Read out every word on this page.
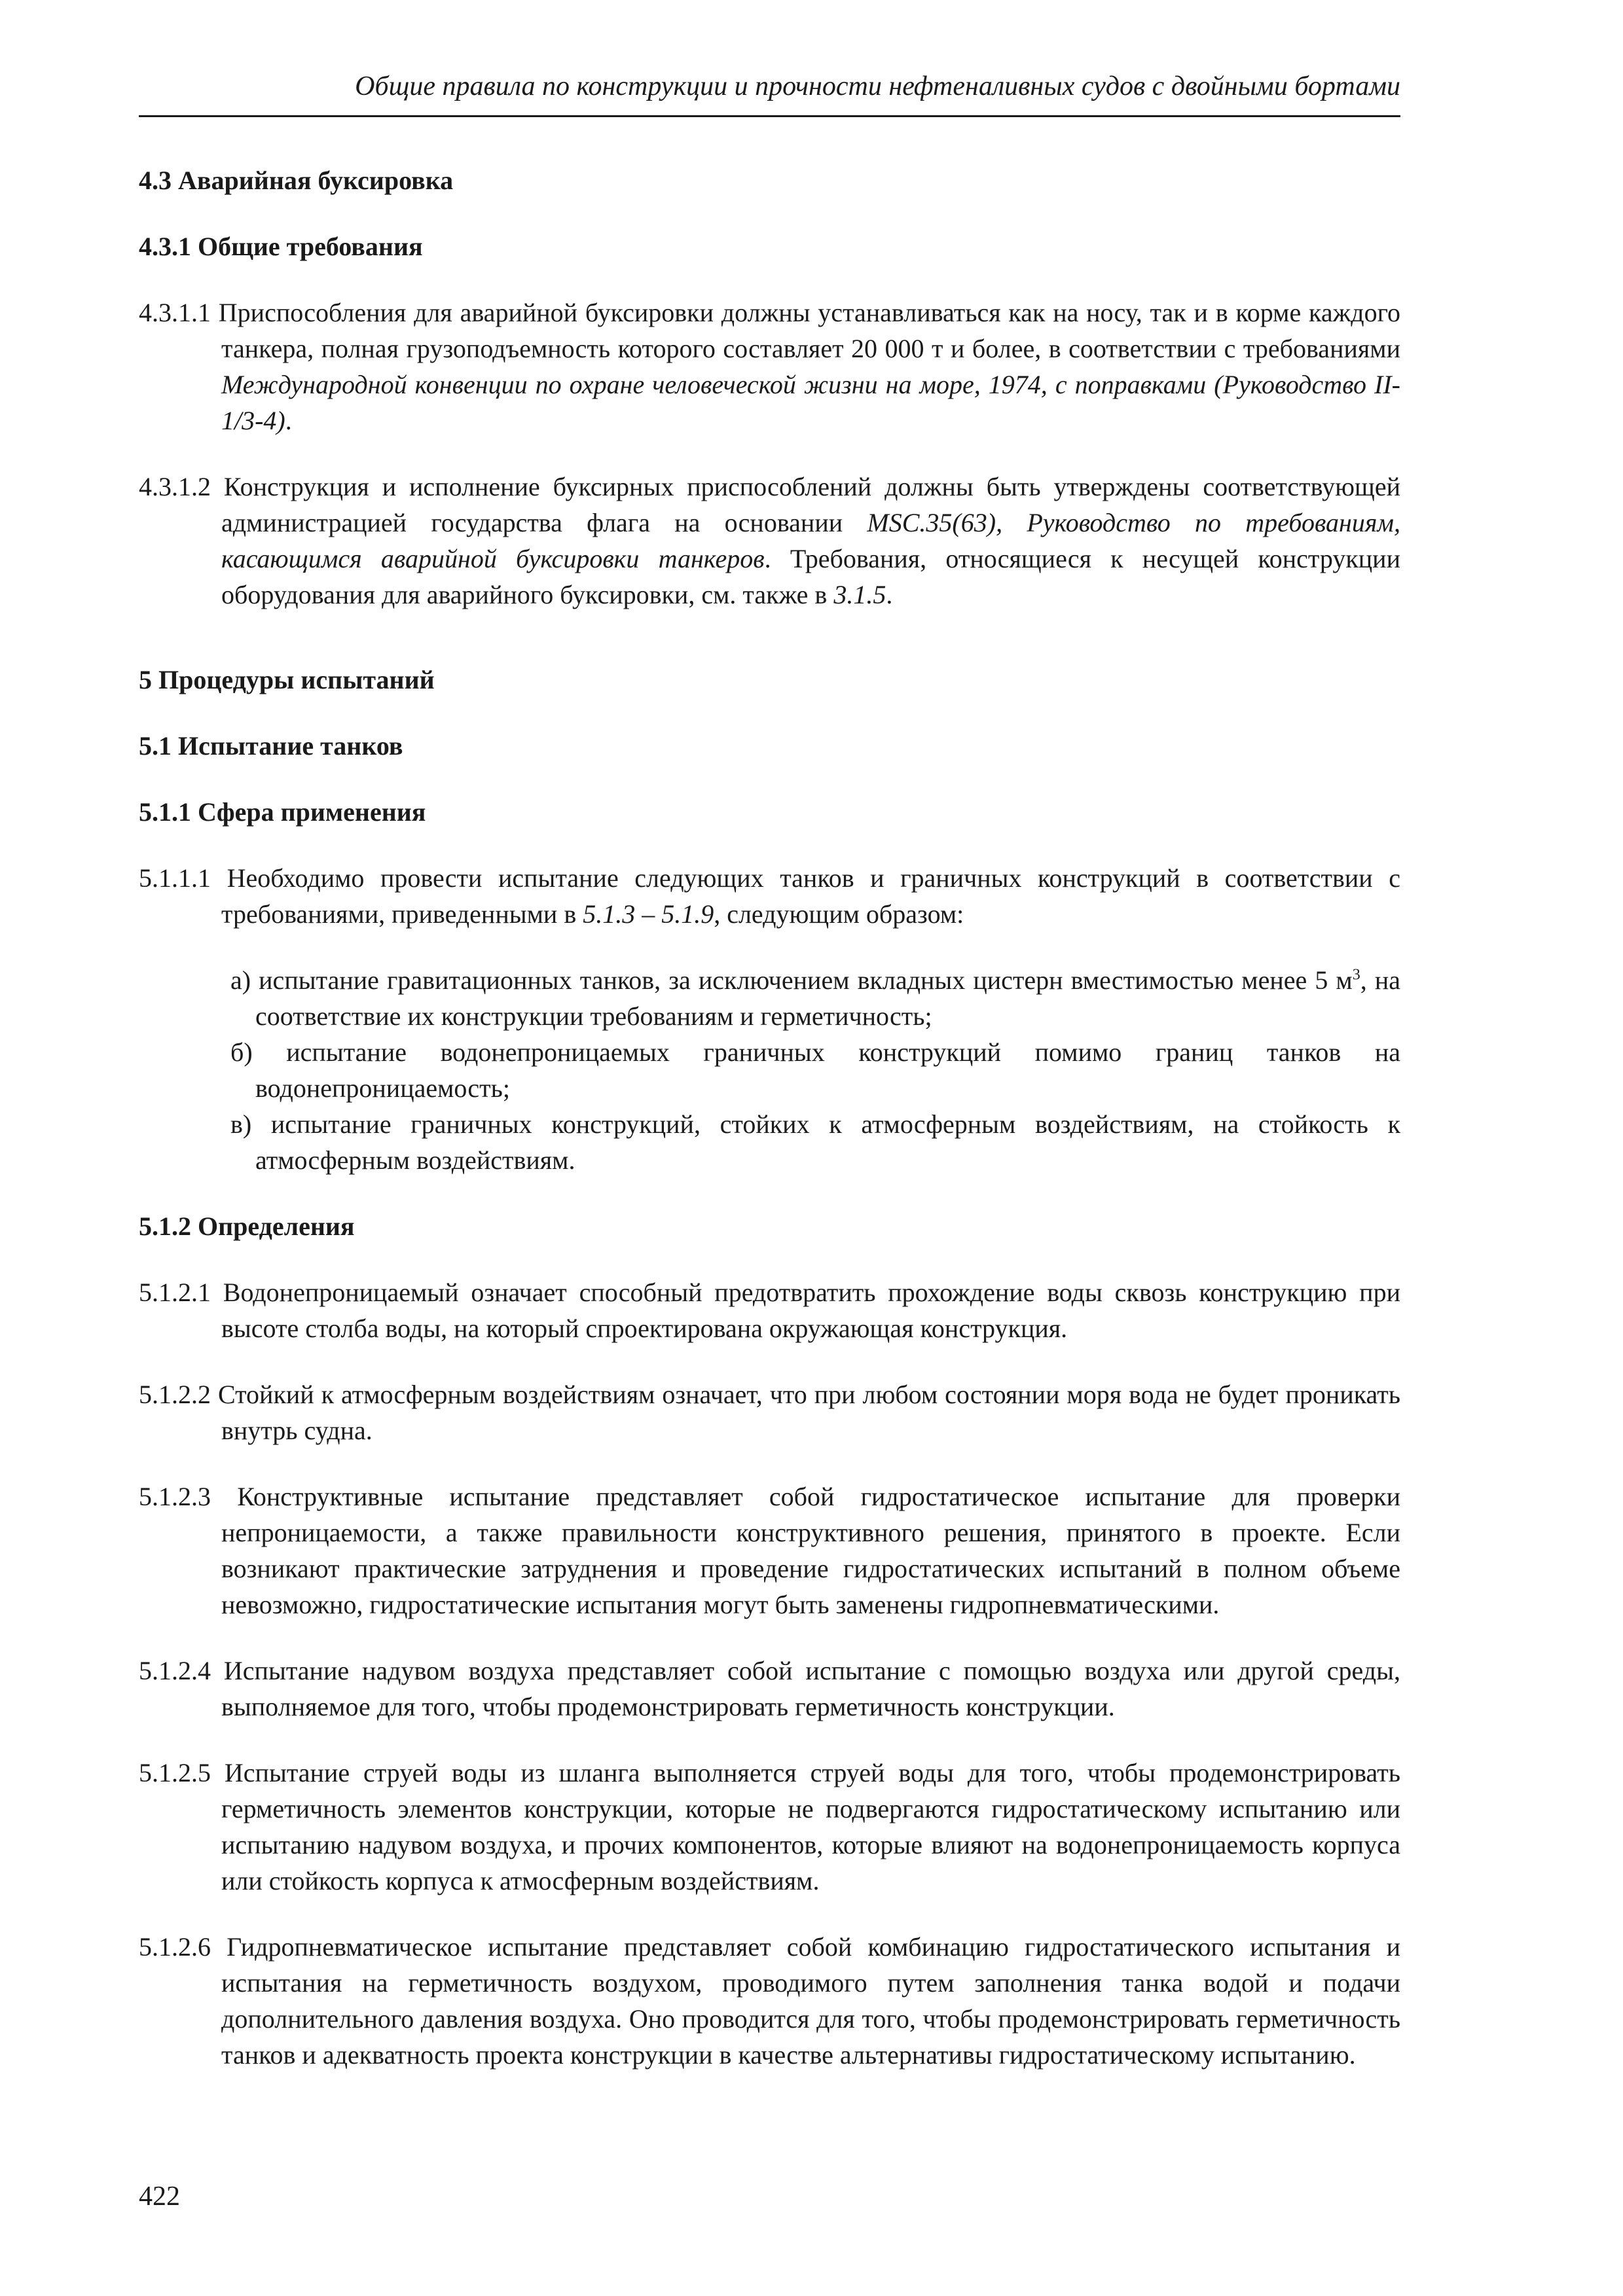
Общие правила по конструкции и прочности нефтеналивных судов с двойными бортами
4.3 Аварийная буксировка
4.3.1 Общие требования

4.3.1.1 Приспособления для аварийной буксировки должны устанавливаться как на носу, так и в корме каждого танкера, полная грузоподъемность которого составляет 20 000 т и более, в соответствии с требованиями Международной конвенции по охране человеческой жизни на море, 1974, с поправками (Руководство II-1/3-4).

4.3.1.2 Конструкция и исполнение буксирных приспособлений должны быть утверждены соответствующей администрацией государства флага на основании MSC.35(63), Руководство по требованиям, касающимся аварийной буксировки танкеров. Требования, относящиеся к несущей конструкции оборудования для аварийного буксировки, см. также в 3.1.5.

5 Процедуры испытаний
5.1 Испытание танков
5.1.1 Сфера применения

5.1.1.1 Необходимо провести испытание следующих танков и граничных конструкций в соответствии с требованиями, приведенными в 5.1.3 – 5.1.9, следующим образом:

а) испытание гравитационных танков, за исключением вкладных цистерн вместимостью менее 5 $м^3$, на соответствие их конструкции требованиям и герметичность;

б) испытание водонепроницаемых граничных конструкций помимо границ танков на водонепроницаемость;

в) испытание граничных конструкций, стойких к атмосферным воздействиям, на стойкость к атмосферным воздействиям.

5.1.2 Определения

5.1.2.1 Водонепроницаемый означает способный предотвратить прохождение воды сквозь конструкцию при высоте столба воды, на который спроектирована окружающая конструкция.

5.1.2.2 Стойкий к атмосферным воздействиям означает, что при любом состоянии моря вода не будет проникать внутрь судна.

5.1.2.3 Конструктивные испытание представляет собой гидростатическое испытание для проверки непроницаемости, а также правильности конструктивного решения, принятого в проекте. Если возникают практические затруднения и проведение гидростатических испытаний в полном объеме невозможно, гидростатические испытания могут быть заменены гидропневматическими.

5.1.2.4 Испытание надувом воздуха представляет собой испытание с помощью воздуха или другой среды, выполняемое для того, чтобы продемонстрировать герметичность конструкции.

5.1.2.5 Испытание струей воды из шланга выполняется струей воды для того, чтобы продемонстрировать герметичность элементов конструкции, которые не подвергаются гидростатическому испытанию или испытанию надувом воздуха, и прочих компонентов, которые влияют на водонепроницаемость корпуса или стойкость корпуса к атмосферным воздействиям.

5.1.2.6 Гидропневматическое испытание представляет собой комбинацию гидростатического испытания и испытания на герметичность воздухом, проводимого путем заполнения танка водой и подачи дополнительного давления воздуха. Оно проводится для того, чтобы продемонстрировать герметичность танков и адекватность проекта конструкции в качестве альтернативы гидростатическому испытанию.

422
